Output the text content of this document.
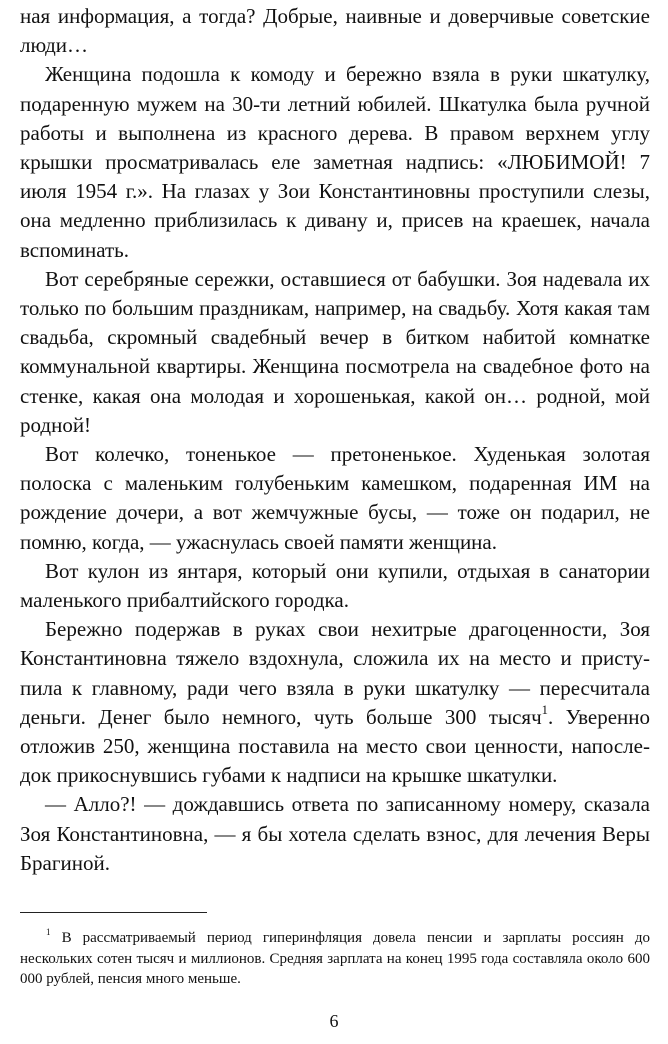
ная информация, а тогда? Добрые, наивные и доверчивые советские люди…

Женщина подошла к комоду и бережно взяла в руки шкатулку, подаренную мужем на 30-ти летний юбилей. Шкатулка была ручной работы и выполнена из красного дерева. В правом верхнем углу крышки просматривалась еле заметная надпись: «ЛЮБИМОЙ! 7 июля 1954 г.». На глазах у Зои Константиновны проступили слезы, она медленно приблизилась к дивану и, присев на краешек, начала вспоминать.

Вот серебряные сережки, оставшиеся от бабушки. Зоя надевала их только по большим праздникам, например, на свадьбу. Хотя какая там свадьба, скромный свадебный вечер в битком набитой комнатке коммунальной квартиры. Женщина посмотрела на свадебное фото на стенке, какая она молодая и хорошенькая, какой он… родной, мой родной!

Вот колечко, тоненькое — претоненькое. Худенькая золотая полоска с маленьким голубеньким камешком, подаренная ИМ на рождение дочери, а вот жемчужные бусы, — тоже он подарил, не помню, когда, — ужаснулась своей памяти женщина.

Вот кулон из янтаря, который они купили, отдыхая в санатории маленького прибалтийского городка.

Бережно подержав в руках свои нехитрые драгоценности, Зоя Константиновна тяжело вздохнула, сложила их на место и приступила к главному, ради чего взяла в руки шкатулку — пересчитала деньги. Денег было немного, чуть больше 300 тысяч$^1$. Уверенно отложив 250, женщина поставила на место свои ценности, напоследок прикоснувшись губами к надписи на крышке шкатулки.

— Алло?! — дождавшись ответа по записанному номеру, сказала Зоя Константиновна, — я бы хотела сделать взнос, для лечения Веры Брагиной.

$^1$ В рассматриваемый период гиперинфляция довела пенсии и зарплаты россиян до нескольких сотен тысяч и миллионов. Средняя зарплата на конец 1995 года составляла около 600 000 рублей, пенсия много меньше.
6
